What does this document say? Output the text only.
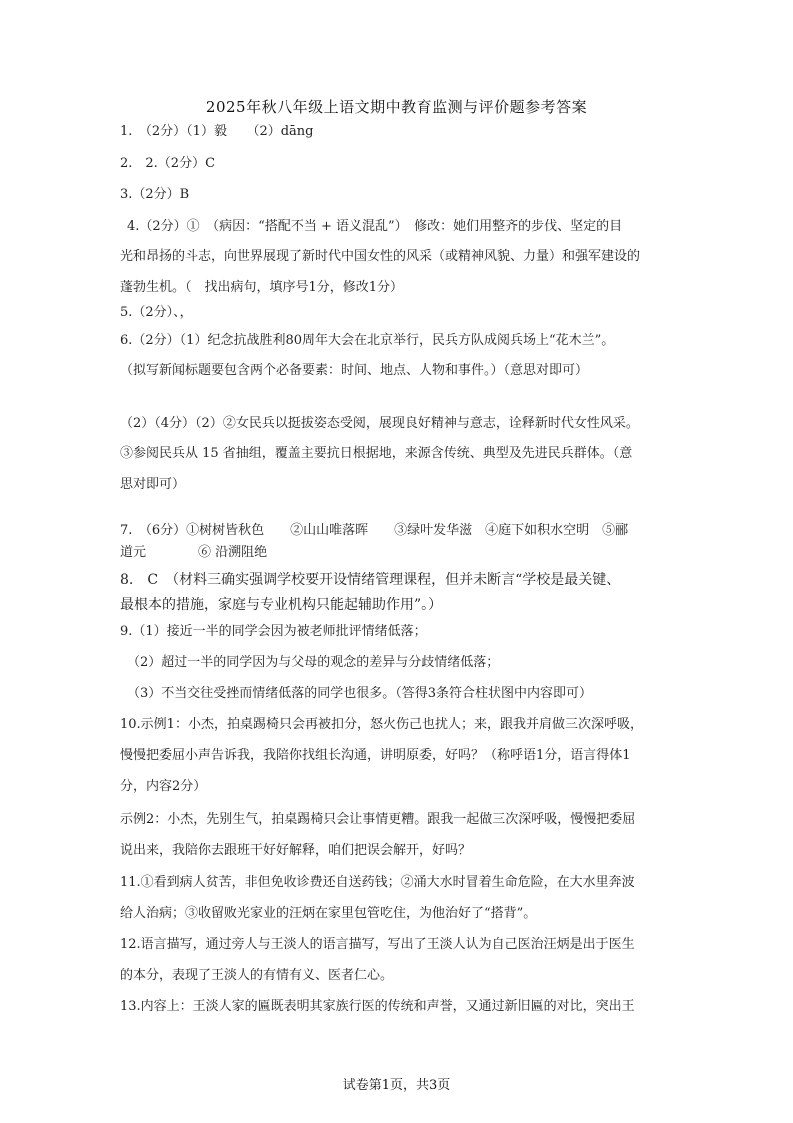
2025年秋八年级上语文期中教育监测与评价题参考答案
1.　（2分）（1）毅　　（2）dāng
2.　2.（2分）C
3.（2分）B
4.（2分）①　（病因：“搭配不当 + 语义混乱”）　修改：她们用整齐的步伐、坚定的目
光和昂扬的斗志，向世界展现了新时代中国女性的风采（或精神风貌、力量）和强军建设的
蓬勃生机。（　找出病句，填序号1分，修改1分）
5.（2分）、，
6.（2分）（1）纪念抗战胜利80周年大会在北京举行，民兵方队成阅兵场上“花木兰”。
（拟写新闻标题要包含两个必备要素：时间、地点、人物和事件。）（意思对即可）
（2）（4分）（2）②女民兵以挺拔姿态受阅，展现良好精神与意志，诠释新时代女性风采。
③参阅民兵从 15 省抽组，覆盖主要抗日根据地，来源含传统、典型及先进民兵群体。（意
思对即可）
7.　（6分）①树树皆秋色　　②山山唯落晖　　③绿叶发华滋　④庭下如积水空明　⑤郦
道元　　　　⑥ 沿溯阻绝
8.　C　（材料三确实强调学校要开设情绪管理课程，但并未断言“学校是最关键、
最根本的措施，家庭与专业机构只能起辅助作用”。）
9.（1）接近一半的同学会因为被老师批评情绪低落；
（2）超过一半的同学因为与父母的观念的差异与分歧情绪低落；
（3）不当交往受挫而情绪低落的同学也很多。（答得3条符合柱状图中内容即可）
10.示例1：小杰，拍桌踢椅只会再被扣分，怒火伤己也扰人；来，跟我并肩做三次深呼吸，
慢慢把委屈小声告诉我，我陪你找组长沟通，讲明原委，好吗？（称呼语1分，语言得体1
分，内容2分）
示例2：小杰，先别生气，拍桌踢椅只会让事情更糟。跟我一起做三次深呼吸，慢慢把委屈
说出来，我陪你去跟班干好好解释，咱们把误会解开，好吗？
11.①看到病人贫苦，非但免收诊费还自送药钱；②涌大水时冒着生命危险，在大水里奔波
给人治病；③收留败光家业的汪炳在家里包管吃住，为他治好了“搭背”。
12.语言描写，通过旁人与王淡人的语言描写，写出了王淡人认为自己医治汪炳是出于医生
的本分，表现了王淡人的有情有义、医者仁心。
13.内容上：王淡人家的匾既表明其家族行医的传统和声誉，又通过新旧匾的对比，突出王
试卷第1页，共3页
